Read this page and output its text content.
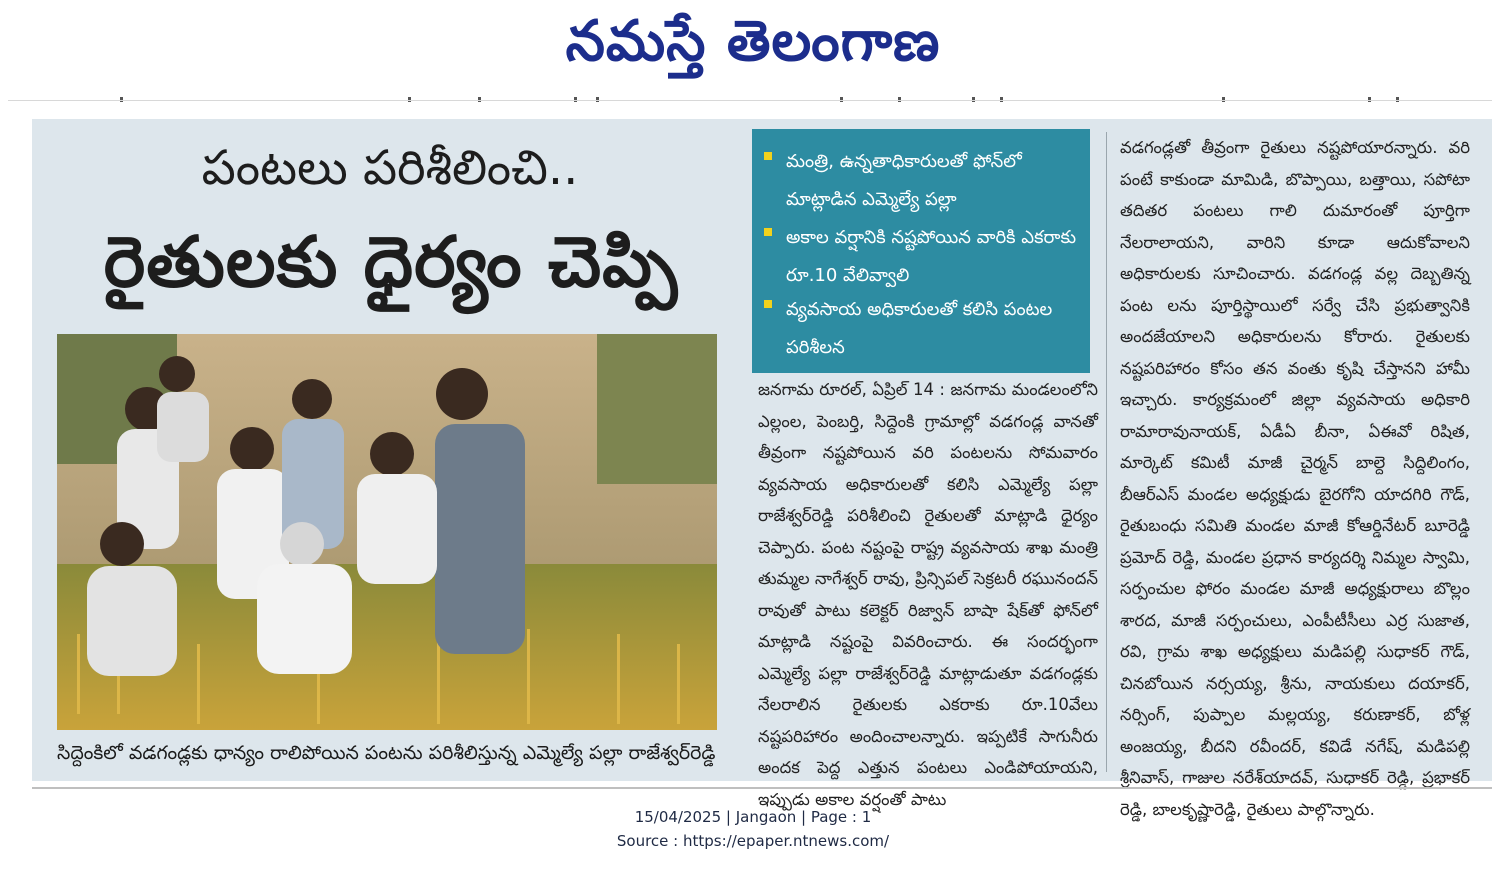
నమస్తే తెలంగాణ
పంటలు పరిశీలించి..
రైతులకు ధైర్యం చెప్పి
సిద్దెంకిలో వడగండ్లకు ధాన్యం రాలిపోయిన పంటను పరిశీలిస్తున్న ఎమ్మెల్యే పల్లా రాజేశ్వర్‌రెడ్డి
మంత్రి, ఉన్నతాధికారులతో ఫోన్‌లో మాట్లాడిన ఎమ్మెల్యే పల్లా
అకాల వర్షానికి నష్టపోయిన వారికి ఎకరాకు రూ.10 వేలివ్వాలి
వ్యవసాయ అధికారులతో కలిసి పంటల పరిశీలన
జనగామ రూరల్, ఏప్రిల్ 14 : జనగామ మండలంలోని ఎల్లంల, పెంబర్తి, సిద్దెంకి గ్రామాల్లో వడగండ్ల వానతో తీవ్రంగా నష్టపోయిన వరి పంటలను సోమవారం వ్యవసాయ అధికారులతో కలిసి ఎమ్మెల్యే పల్లా రాజేశ్వర్‌రెడ్డి పరిశీలించి రైతులతో మాట్లాడి ధైర్యం చెప్పారు. పంట నష్టంపై రాష్ట్ర వ్యవసాయ శాఖ మంత్రి తుమ్మల నాగేశ్వర్ రావు, ప్రిన్సిపల్ సెక్రటరీ రఘునందన్ రావుతో పాటు కలెక్టర్ రిజ్వాన్ బాషా షేక్‌తో ఫోన్‌లో మాట్లాడి నష్టంపై వివరించారు. ఈ సందర్భంగా ఎమ్మెల్యే పల్లా రాజేశ్వర్‌రెడ్డి మాట్లాడుతూ వడగండ్లకు నేలరాలిన రైతులకు ఎకరాకు రూ.10వేలు నష్టపరిహారం అందించాలన్నారు. ఇప్పటికే సాగునీరు అందక పెద్ద ఎత్తున పంటలు ఎండిపోయాయని, ఇప్పుడు అకాల వర్షంతో పాటు
వడగండ్లతో తీవ్రంగా రైతులు నష్టపోయారన్నారు. వరి పంటే కాకుండా మామిడి, బొప్పాయి, బత్తాయి, సపోటా తదితర పంటలు గాలి దుమారంతో పూర్తిగా నేలరాలాయని, వారిని కూడా ఆదుకోవాలని అధికారులకు సూచించారు. వడగండ్ల వల్ల దెబ్బతిన్న పంట లను పూర్తిస్థాయిలో సర్వే చేసి ప్రభుత్వానికి అందజేయాలని అధికారులను కోరారు. రైతులకు నష్టపరిహారం కోసం తన వంతు కృషి చేస్తానని హామీ ఇచ్చారు. కార్యక్రమంలో జిల్లా వ్యవసాయ అధికారి రామారావునాయక్, ఏడీఏ బీనా, ఏఈవో రిషిత, మార్కెట్ కమిటీ మాజీ చైర్మన్ బాల్దె సిద్దిలింగం, బీఆర్ఎస్ మండల అధ్యక్షుడు బైరగోని యాదగిరి గౌడ్, రైతుబంధు సమితి మండల మాజీ కోఆర్డినేటర్ బూరెడ్డి ప్రమోద్ రెడ్డి, మండల ప్రధాన కార్యదర్శి నిమ్మల స్వామి, సర్పంచుల ఫోరం మండల మాజీ అధ్యక్షురాలు బొల్లం శారద, మాజీ సర్పంచులు, ఎంపీటీసీలు ఎర్ర సుజాత, రవి, గ్రామ శాఖ అధ్యక్షులు మడిపల్లి సుధాకర్ గౌడ్, చినబోయిన నర్సయ్య, శ్రీను, నాయకులు దయాకర్, నర్సింగ్, పుప్పాల మల్లయ్య, కరుణాకర్, బోళ్ల అంజయ్య, బీదని రవీందర్, కవిడే నగేష్, మడిపల్లి శ్రీనివాస్, గాజుల నరేశ్‌యాదవ్, సుధాకర్ రెడ్డి, ప్రభాకర్ రెడ్డి, బాలకృష్ణారెడ్డి, రైతులు పాల్గొన్నారు.
15/04/2025 | Jangaon | Page : 1
Source : https://epaper.ntnews.com/
